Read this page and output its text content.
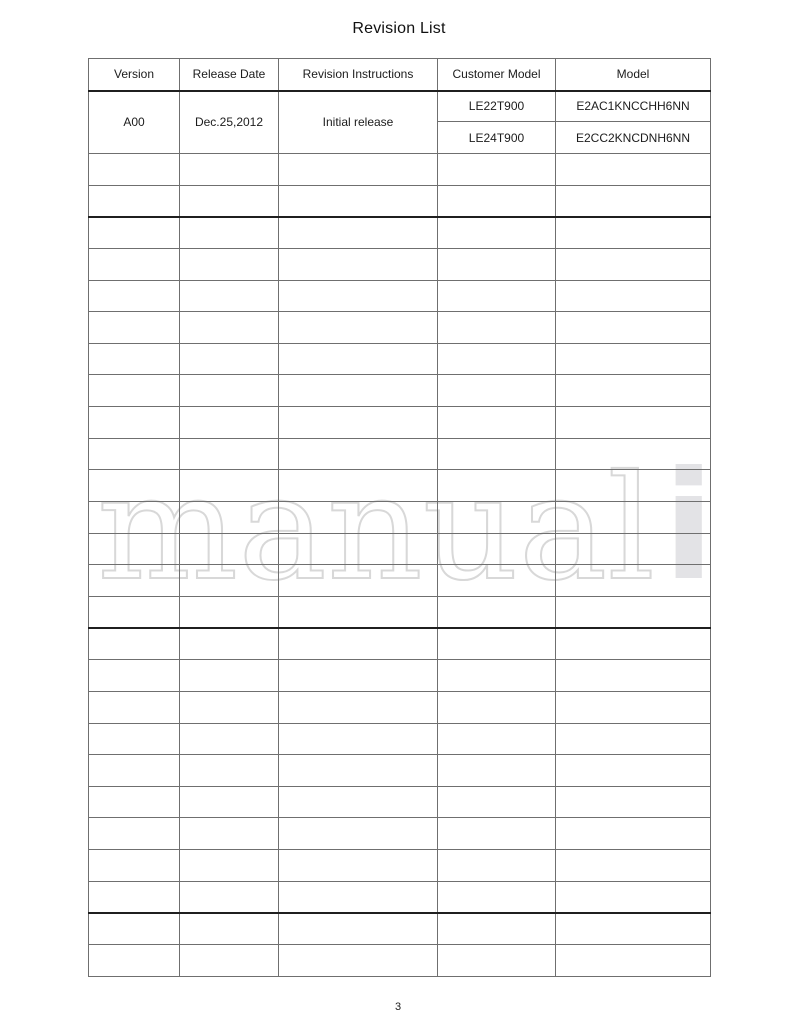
Revision List
manual i
Version	Release Date	Revision Instructions	Customer Model	Model
A00	Dec.25,2012	Initial release	LE22T900	E2AC1KNCCHH6NN
			LE24T900	E2CC2KNCDNH6NN

3
